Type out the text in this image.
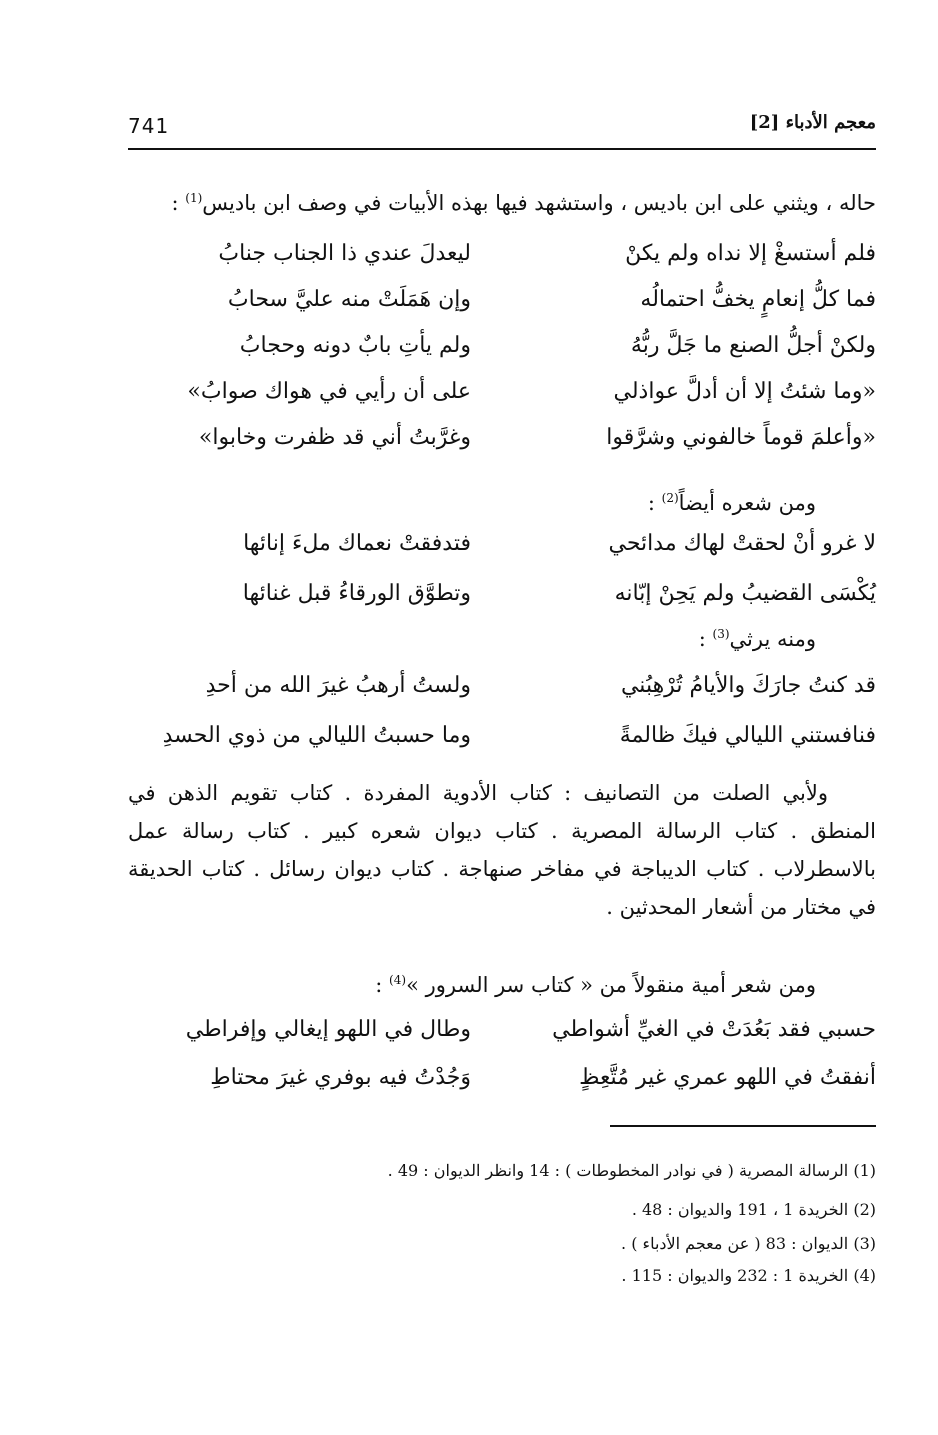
741	معجم الأدباء [2]
حاله ، ويثني على ابن باديس ، واستشهد فيها بهذه الأبيات في وصف ابن باديس$^{(1)}$ :
فلم أستسغْ إلا نداه ولم يكنْ
ليعدلَ عندي ذا الجناب جنابُ
فما كلُّ إنعامٍ يخفُّ احتمالُه
وإن هَمَلَتْ منه عليَّ سحابُ
ولكنْ أجلُّ الصنع ما جَلَّ ربُّهُ
ولم يأتِ بابٌ دونه وحجابُ
«وما شئتُ إلا أن أدلَّ عواذلي
على أن رأيي في هواك صوابُ»
«وأعلمَ قوماً خالفوني وشرَّقوا
وغرَّبتُ أني قد ظفرت وخابوا»
ومن شعره أيضاً$^{(2)}$ :
لا غرو أنْ لحقتْ لهاك مدائحي
فتدفقتْ نعماك ملءَ إنائها
يُكْسَى القضيبُ ولم يَحِنْ إبّانه
وتطوَّق الورقاءُ قبل غنائها
ومنه يرثي$^{(3)}$ :
قد كنتُ جارَكَ والأيامُ تُرْهِبُني
ولستُ أرهبُ غيرَ الله من أحدِ
فنافستني الليالي فيكَ ظالمةً
وما حسبتُ الليالي من ذوي الحسدِ
ولأبي الصلت من التصانيف : كتاب الأدوية المفردة . كتاب تقويم الذهن في المنطق . كتاب الرسالة المصرية . كتاب ديوان شعره كبير . كتاب رسالة عمل بالاسطرلاب . كتاب الديباجة في مفاخر صنهاجة . كتاب ديوان رسائل . كتاب الحديقة في مختار من أشعار المحدثين .
ومن شعر أمية منقولاً من « كتاب سر السرور »$^{(4)}$ :
حسبي فقد بَعُدَتْ في الغيِّ أشواطي
وطال في اللهو إيغالي وإفراطي
أنفقتُ في اللهو عمري غير مُتَّعِظٍ
وَجُدْتُ فيه بوفري غيرَ محتاطِ
(1) الرسالة المصرية ( في نوادر المخطوطات ) : 14 وانظر الديوان : 49 .
(2) الخريدة 1 ، 191 والديوان : 48 .
(3) الديوان : 83 ( عن معجم الأدباء ) .
(4) الخريدة 1 : 232 والديوان : 115 .
